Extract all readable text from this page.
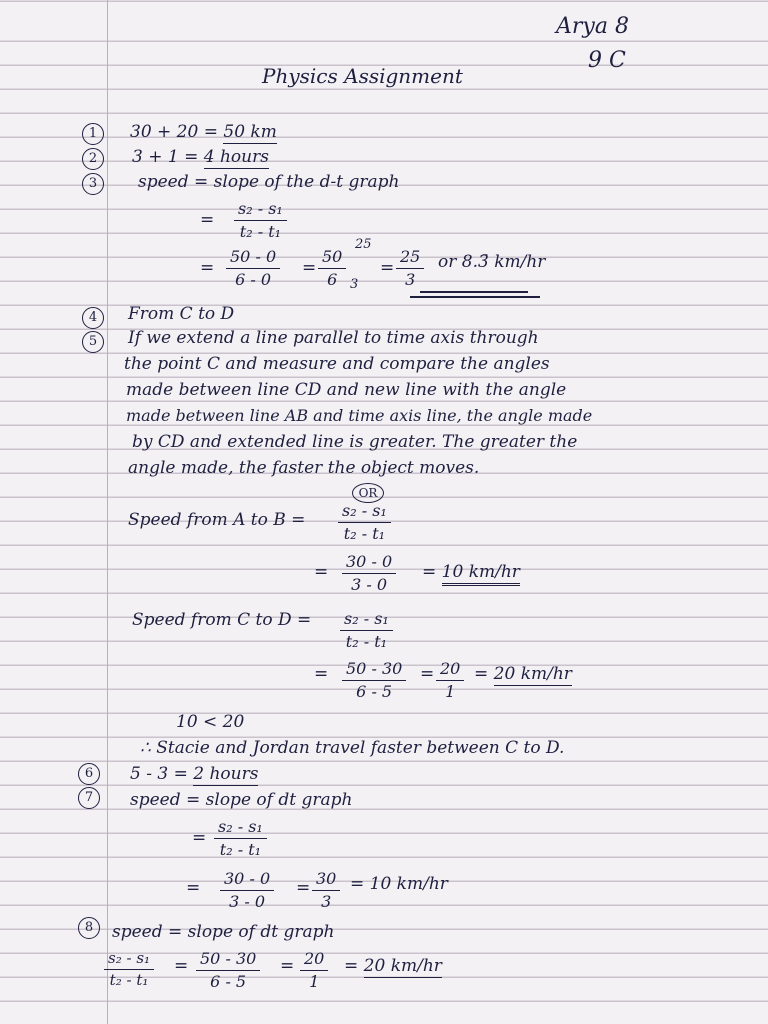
Arya 8
9 C
Physics Assignment
1	30 + 20 = 50 km
2	3 + 1 = 4 hours
3	speed = slope of the d-t graph
= $\frac{\text{s₂ - s₁}}{\text{t₂ - t₁}}$
= $\frac{50 - 0}{6 - 0} = \frac{50}{6}$
25
3
= $\frac{25}{3}$ or 8.3̄ km/hr
4	From C to D
5	If we extend a line parallel to time axis through
the point C and measure and compare the angles
made between line CD and new line with the angle
made between line AB and time axis line, the angle made
by CD and extended line is greater. The greater the
angle made, the faster the object moves.
OR
Speed from A to $B = \frac{\text{s₂ - s₁}}{\text{t₂ - t₁}}$
= $\frac{30 - 0}{3 - 0} = 10$ km/hr
Speed from C to $D = \frac{\text{s₂ - s₁}}{\text{t₂ - t₁}}$
= $\frac{50 - 30}{6 - 5} = \frac{20}{1} = 20$ km/hr
10 < 20
∴ Stacie and Jordan travel faster between C to D.
6	5 - 3 = 2 hours
7	speed = slope of dt graph
= $\frac{\text{s₂ - s₁}}{\text{t₂ - t₁}}$
= $\frac{30 - 0}{3 - 0} = \frac{30}{3} = 10$ km/hr
8	speed = slope of dt graph
$\frac{\text{s₂ - s₁}}{\text{t₂ - t₁}} = \frac{50 - 30}{6 - 5} = \frac{20}{1} = 20$ km/hr
